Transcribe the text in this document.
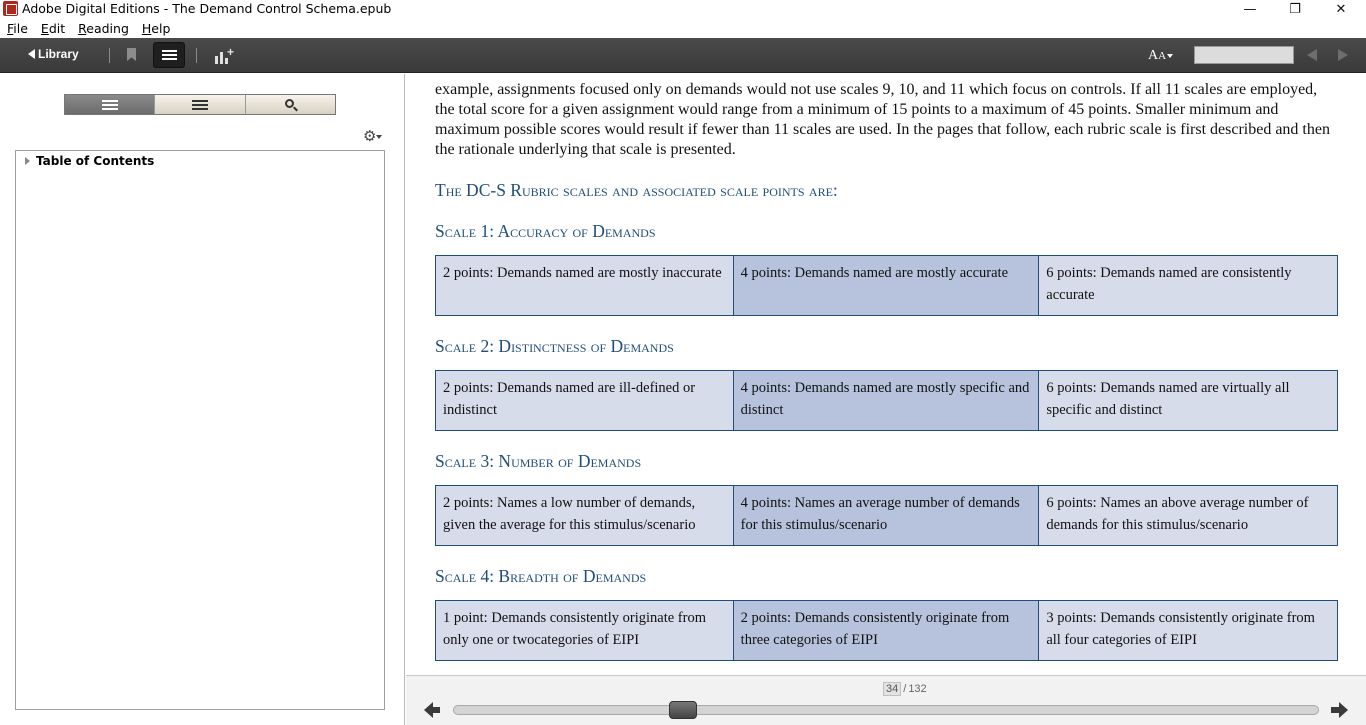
Adobe Digital Editions - The Demand Control Schema.epub	—	❐	✕
File	Edit	Reading	Help
Library	+	AA
⚙
Table of Contents

example, assignments focused only on demands would not use scales 9, 10, and 11 which focus on controls. If all 11 scales are employed, the total score for a given assignment would range from a minimum of 15 points to a maximum of 45 points. Smaller minimum and maximum possible scores would result if fewer than 11 scales are used. In the pages that follow, each rubric scale is first described and then the rationale underlying that scale is presented.

The DC-S Rubric scales and associated scale points are:
Scale 1: Accuracy of Demands
2 points: Demands named are mostly inaccurate	4 points: Demands named are mostly accurate	6 points: Demands named are consistently accurate
Scale 2: Distinctness of Demands
2 points: Demands named are ill-defined or indistinct	4 points: Demands named are mostly specific and distinct	6 points: Demands named are virtually all specific and distinct
Scale 3: Number of Demands
2 points: Names a low number of demands, given the average for this stimulus/scenario	4 points: Names an average number of demands for this stimulus/scenario	6 points: Names an above average number of demands for this stimulus/scenario
Scale 4: Breadth of Demands
1 point: Demands consistently originate from only one or twocategories of EIPI	2 points: Demands consistently originate from three categories of EIPI	3 points: Demands consistently originate from all four categories of EIPI
34 / 132
